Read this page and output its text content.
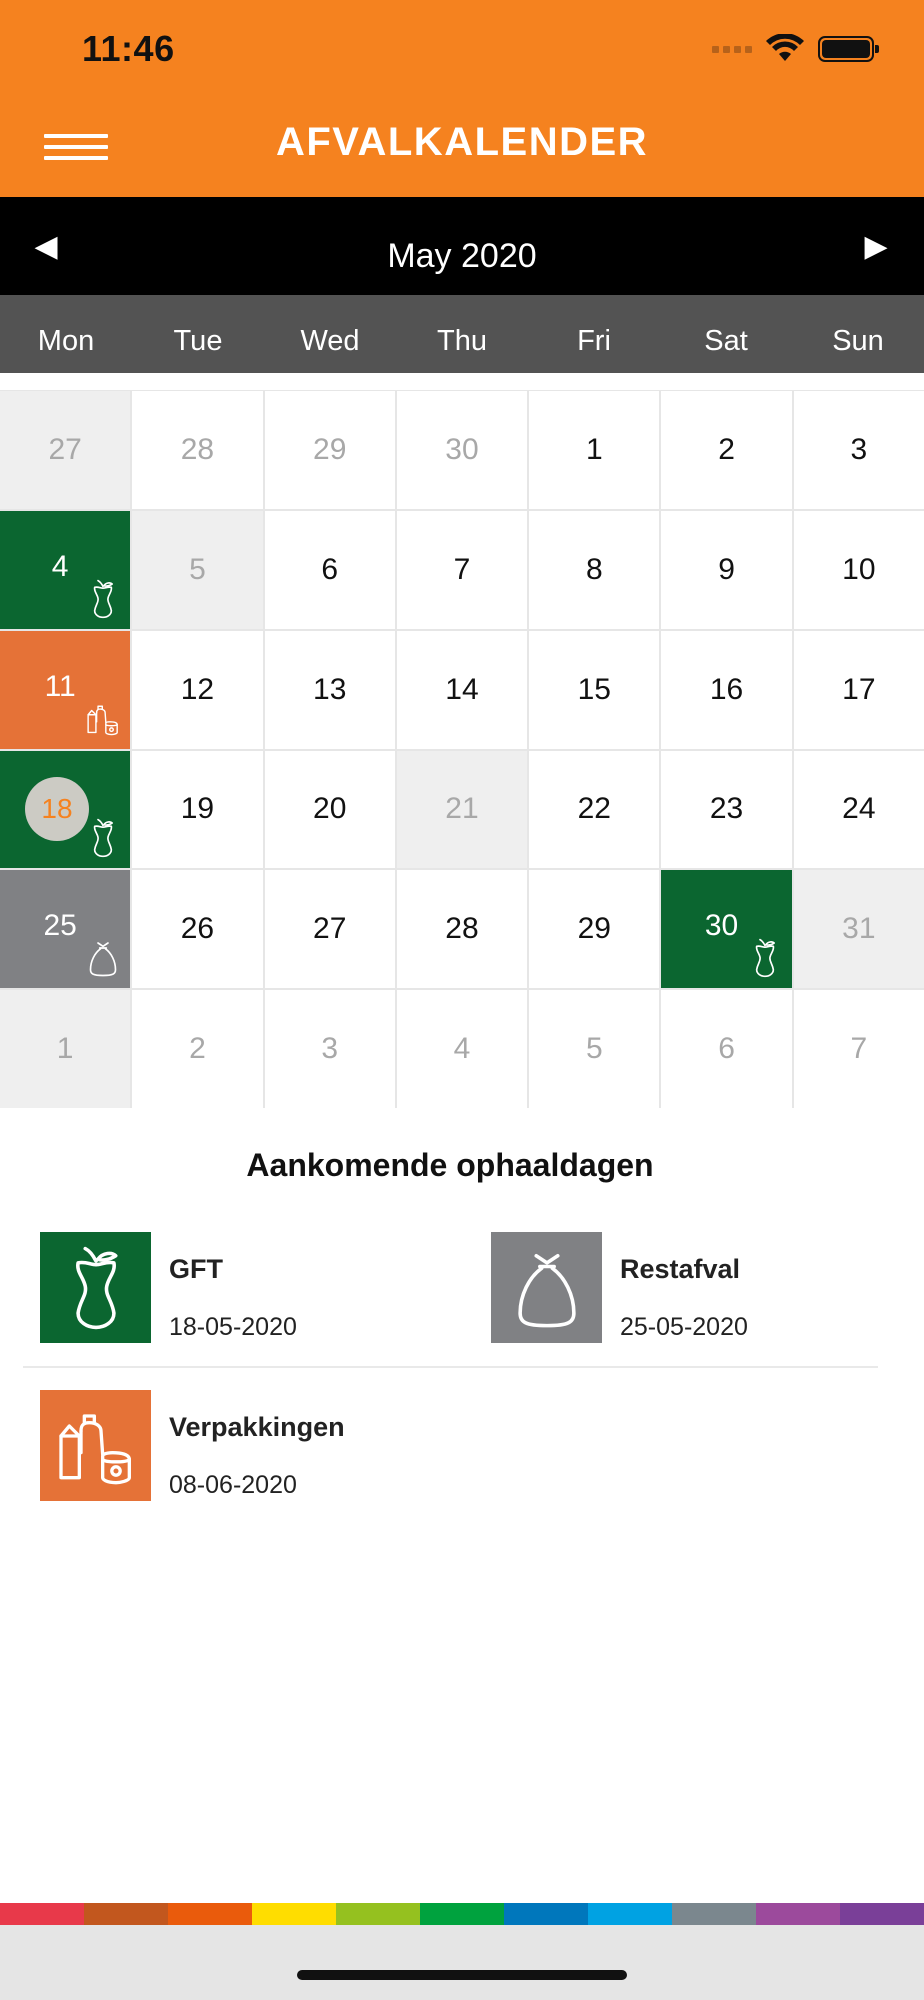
11:46
AFVALKALENDER
◀	May 2020	▶
Mon	Tue	Wed	Thu	Fri	Sat	Sun
27	28	29	30	1	2	3
4	5	6	7	8	9	10
11	12	13	14	15	16	17
18	19	20	21	22	23	24
25	26	27	28	29	30	31
1	2	3	4	5	6	7
Aankomende ophaaldagen
GFT
18-05-2020
Restafval
25-05-2020
Verpakkingen
08-06-2020
